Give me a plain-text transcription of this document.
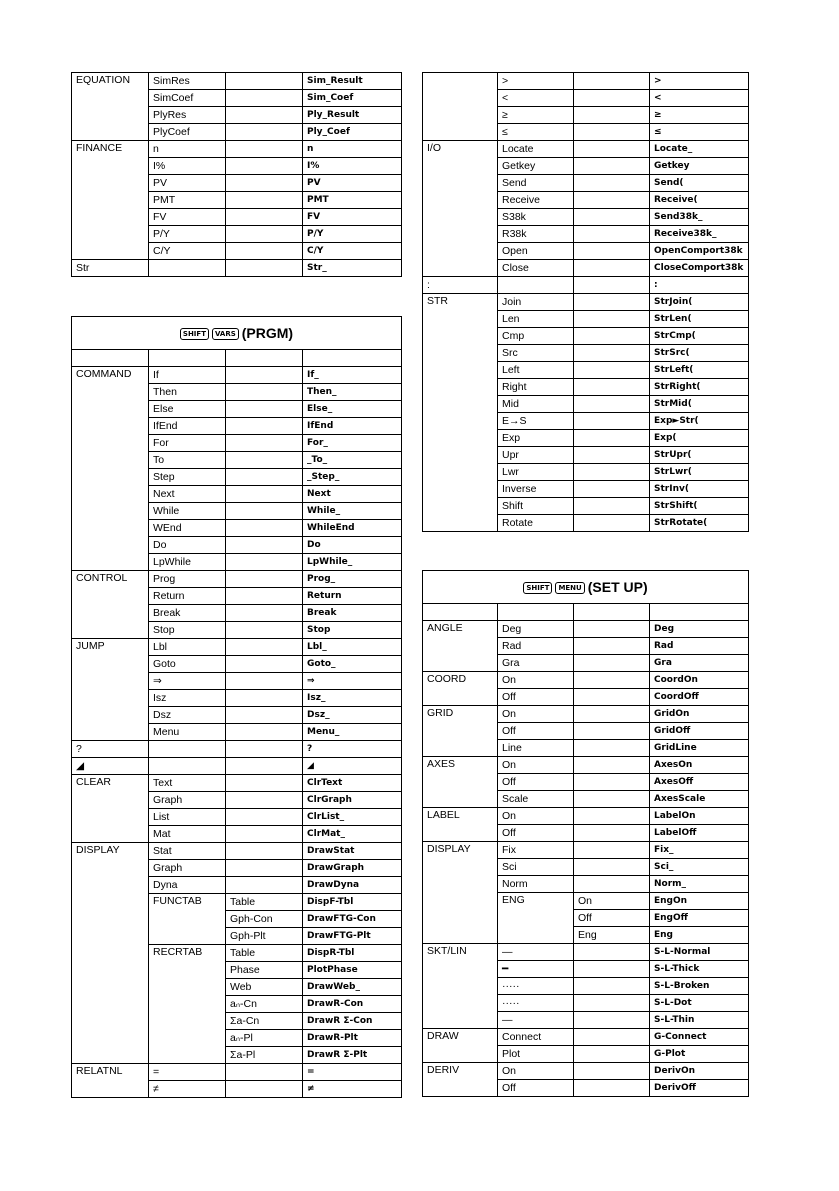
EQUATION	SimRes		Sim_Result
	SimCoef		Sim_Coef
	PlyRes		Ply_Result
	PlyCoef		Ply_Coef
FINANCE	n		n
	I%		I%
	PV		PV
	PMT		PMT
	FV		FV
	P/Y		P/Y
	C/Y		C/Y
Str			Str_
SHIFT VARS (PRGM)			

COMMAND	If		If_
	Then		Then_
	Else		Else_
	IfEnd		IfEnd
	For		For_
	To		_To_
	Step		_Step_
	Next		Next
	While		While_
	WEnd		WhileEnd
	Do		Do
	LpWhile		LpWhile_
CONTROL	Prog		Prog_
	Return		Return
	Break		Break
	Stop		Stop
JUMP	Lbl		Lbl_
	Goto		Goto_
	⇒		⇒
	Isz		Isz_
	Dsz		Dsz_
	Menu		Menu_
?			?
◢			◢
CLEAR	Text		ClrText
	Graph		ClrGraph
	List		ClrList_
	Mat		ClrMat_
DISPLAY	Stat		DrawStat
	Graph		DrawGraph
	Dyna		DrawDyna
	FUNCTAB	Table	DispF-Tbl
		Gph-Con	DrawFTG-Con
		Gph-Plt	DrawFTG-Plt
	RECRTAB	Table	DispR-Tbl
		Phase	PlotPhase
		Web	DrawWeb_
		aₙ-Cn	DrawR-Con
		Σa-Cn	DrawR Σ-Con
		aₙ-Pl	DrawR-Plt
		Σa-Pl	DrawR Σ-Plt
RELATNL	=		=
	≠		≠
	>		>
	<		<
	≥		≥
	≤		≤
I/O	Locate		Locate_
	Getkey		Getkey
	Send		Send(
	Receive		Receive(
	S38k		Send38k_
	R38k		Receive38k_
	Open		OpenComport38k
	Close		CloseComport38k
:			:
STR	Join		StrJoin(
	Len		StrLen(
	Cmp		StrCmp(
	Src		StrSrc(
	Left		StrLeft(
	Right		StrRight(
	Mid		StrMid(
	E→S		Exp►Str(
	Exp		Exp(
	Upr		StrUpr(
	Lwr		StrLwr(
	Inverse		StrInv(
	Shift		StrShift(
	Rotate		StrRotate(
SHIFT MENU (SET UP)			

ANGLE	Deg		Deg
	Rad		Rad
	Gra		Gra
COORD	On		CoordOn
	Off		CoordOff
GRID	On		GridOn
	Off		GridOff
	Line		GridLine
AXES	On		AxesOn
	Off		AxesOff
	Scale		AxesScale
LABEL	On		LabelOn
	Off		LabelOff
DISPLAY	Fix		Fix_
	Sci		Sci_
	Norm		Norm_
	ENG	On	EngOn
		Off	EngOff
		Eng	Eng
SKT/LIN	—		S-L-Normal
	━		S-L-Thick
	·····		S-L-Broken
	·····		S-L-Dot
	—		S-L-Thin
DRAW	Connect		G-Connect
	Plot		G-Plot
DERIV	On		DerivOn
	Off		DerivOff
